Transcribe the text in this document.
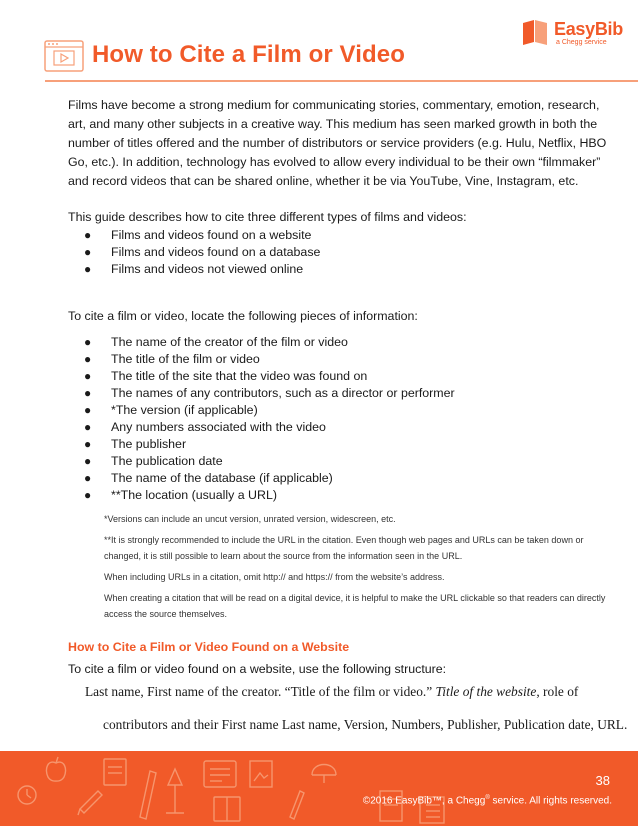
How to Cite a Film or Video
EasyBib
a Chegg service

Films have become a strong medium for communicating stories, commentary, emotion, research, art, and many other subjects in a creative way. This medium has seen marked growth in both the number of titles offered and the number of distributors or service providers (e.g. Hulu, Netflix, HBO Go, etc.). In addition, technology has evolved to allow every individual to be their own “filmmaker” and record videos that can be shared online, whether it be via YouTube, Vine, Instagram, etc.

This guide describes how to cite three different types of films and videos:

● Films and videos found on a website
● Films and videos found on a database
● Films and videos not viewed online

To cite a film or video, locate the following pieces of information:

● The name of the creator of the film or video
● The title of the film or video
● The title of the site that the video was found on
● The names of any contributors, such as a director or performer
● *The version (if applicable)
● Any numbers associated with the video
● The publisher
● The publication date
● The name of the database (if applicable)
● **The location (usually a URL)

*Versions can include an uncut version, unrated version, widescreen, etc.

**It is strongly recommended to include the URL in the citation. Even though web pages and URLs can be taken down or changed, it is still possible to learn about the source from the information seen in the URL.

When including URLs in a citation, omit http:// and https:// from the website’s address.

When creating a citation that will be read on a digital device, it is helpful to make the URL clickable so that readers can directly access the source themselves.

How to Cite a Film or Video Found on a Website

To cite a film or video found on a website, use the following structure:

Last name, First name of the creator. “Title of the film or video.” Title of the website, role of

contributors and their First name Last name, Version, Numbers, Publisher, Publication date, URL.

38
©2016 EasyBib™, a Chegg® service. All rights reserved.
